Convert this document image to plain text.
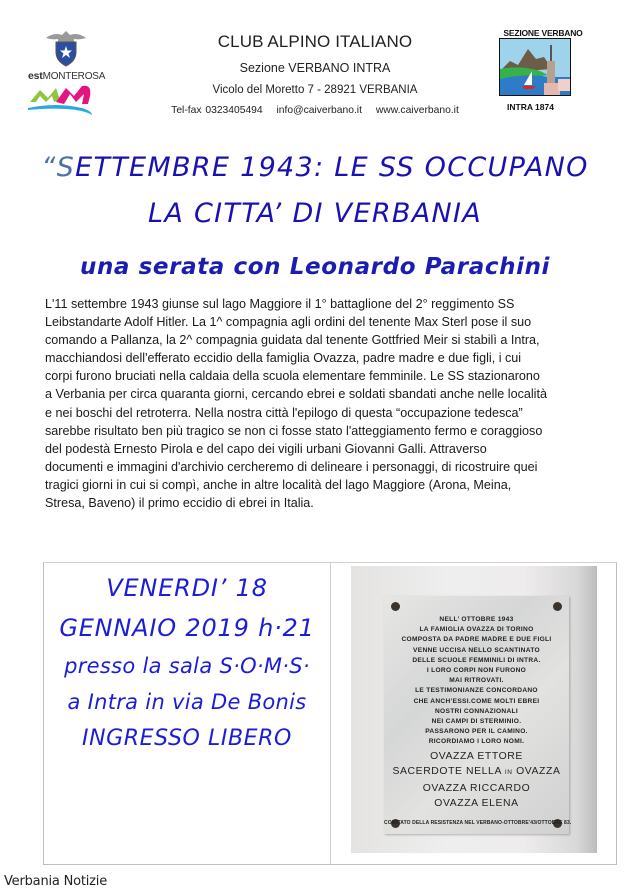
estMONTEROSA
CLUB ALPINO ITALIANO
Sezione VERBANO INTRA
Vicolo del Moretto 7 - 28921 VERBANIA
Tel-fax 0323405494 info@caiverbano.it www.caiverbano.it
SEZIONE VERBANO
INTRA 1874
“SETTEMBRE 1943: LE SS OCCUPANO
LA CITTA’ DI VERBANIA
una serata con Leonardo Parachini

L'11 settembre 1943 giunse sul lago Maggiore il 1° battaglione del 2° reggimento SS

Leibstandarte Adolf Hitler. La 1^ compagnia agli ordini del tenente Max Sterl pose il suo

comando a Pallanza, la 2^ compagnia guidata dal tenente Gottfried Meir si stabilì a Intra,

macchiandosi dell'efferato eccidio della famiglia Ovazza, padre madre e due figli, i cui

corpi furono bruciati nella caldaia della scuola elementare femminile. Le SS stazionarono

a Verbania per circa quaranta giorni, cercando ebrei e soldati sbandati anche nelle località

e nei boschi del retroterra. Nella nostra città l'epilogo di questa “occupazione tedesca”

sarebbe risultato ben più tragico se non ci fosse stato l'atteggiamento fermo e coraggioso

del podestà Ernesto Pirola e del capo dei vigili urbani Giovanni Galli. Attraverso

documenti e immagini d'archivio cercheremo di delineare i personaggi, di ricostruire quei

tragici giorni in cui si compì, anche in altre località del lago Maggiore (Arona, Meina,

Stresa, Baveno) il primo eccidio di ebrei in Italia.

VENERDI’ 18
GENNAIO 2019 h·21
presso la sala S·O·M·S·
a Intra in via De Bonis
INGRESSO LIBERO
NELL’ OTTOBRE 1943
LA FAMIGLIA OVAZZA DI TORINO
COMPOSTA DA PADRE MADRE E DUE FIGLI
VENNE UCCISA NELLO SCANTINATO
DELLE SCUOLE FEMMINILI DI INTRA.
I LORO CORPI NON FURONO
MAI RITROVATI.
LE TESTIMONIANZE CONCORDANO
CHE ANCH’ESSI.COME MOLTI EBREI
NOSTRI CONNAZIONALI
NEI CAMPI DI STERMINIO.
PASSARONO PER IL CAMINO.
RICORDIAMO I LORO NOMI.
OVAZZA ETTORE
SACERDOTE NELLA IN OVAZZA
OVAZZA RICCARDO
OVAZZA ELENA
COMITATO DELLA RESISTENZA NEL VERBANO-OTTOBRE’43/OTTOBRE 83.
Verbania Notizie
